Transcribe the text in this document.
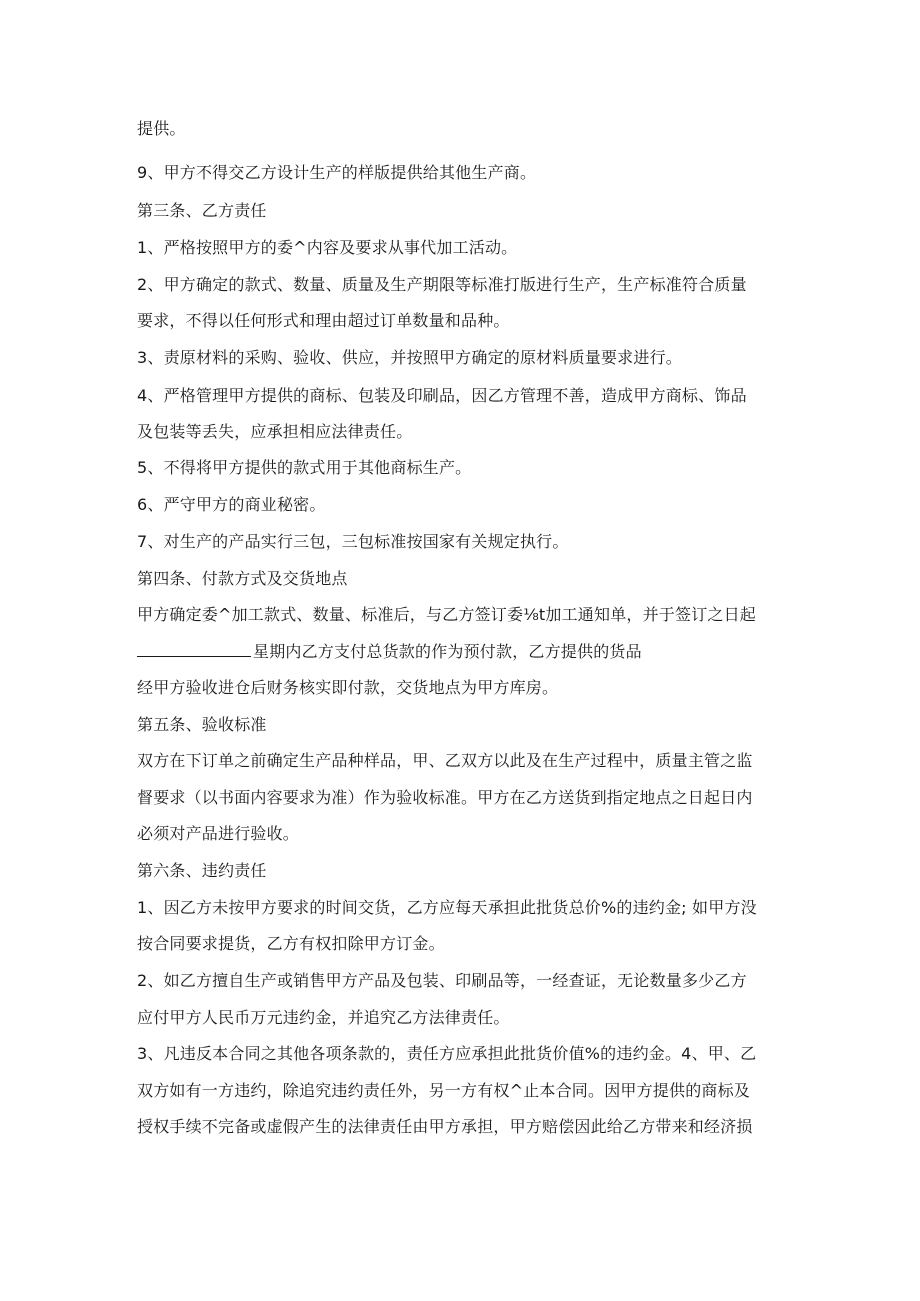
提供。
9、甲方不得交乙方设计生产的样版提供给其他生产商。
第三条、乙方责任
1、严格按照甲方的委^内容及要求从事代加工活动。
2、甲方确定的款式、数量、质量及生产期限等标准打版进行生产，生产标准符合质量
要求，不得以任何形式和理由超过订单数量和品种。
3、责原材料的采购、验收、供应，并按照甲方确定的原材料质量要求进行。
4、严格管理甲方提供的商标、包装及印刷品，因乙方管理不善，造成甲方商标、饰品
及包装等丢失，应承担相应法律责任。
5、不得将甲方提供的款式用于其他商标生产。
6、严守甲方的商业秘密。
7、对生产的产品实行三包，三包标准按国家有关规定执行。
第四条、付款方式及交货地点
甲方确定委^加工款式、数量、标准后，与乙方签订委⅛t加工通知单，并于签订之日起
星期内乙方支付总货款的作为预付款，乙方提供的货品
经甲方验收进仓后财务核实即付款，交货地点为甲方库房。
第五条、验收标准
双方在下订单之前确定生产品种样品，甲、乙双方以此及在生产过程中，质量主管之监
督要求（以书面内容要求为准）作为验收标准。甲方在乙方送货到指定地点之日起日内
必须对产品进行验收。
第六条、违约责任
1、因乙方未按甲方要求的时间交货，乙方应每天承担此批货总价%的违约金; 如甲方没
按合同要求提货，乙方有权扣除甲方订金。
2、如乙方擅自生产或销售甲方产品及包装、印刷品等，一经查证，无论数量多少乙方
应付甲方人民币万元违约金，并追究乙方法律责任。
3、凡违反本合同之其他各项条款的，责任方应承担此批货价值%的违约金。4、甲、乙
双方如有一方违约，除追究违约责任外，另一方有权^止本合同。因甲方提供的商标及
授权手续不完备或虚假产生的法律责任由甲方承担，甲方赔偿因此给乙方带来和经济损
